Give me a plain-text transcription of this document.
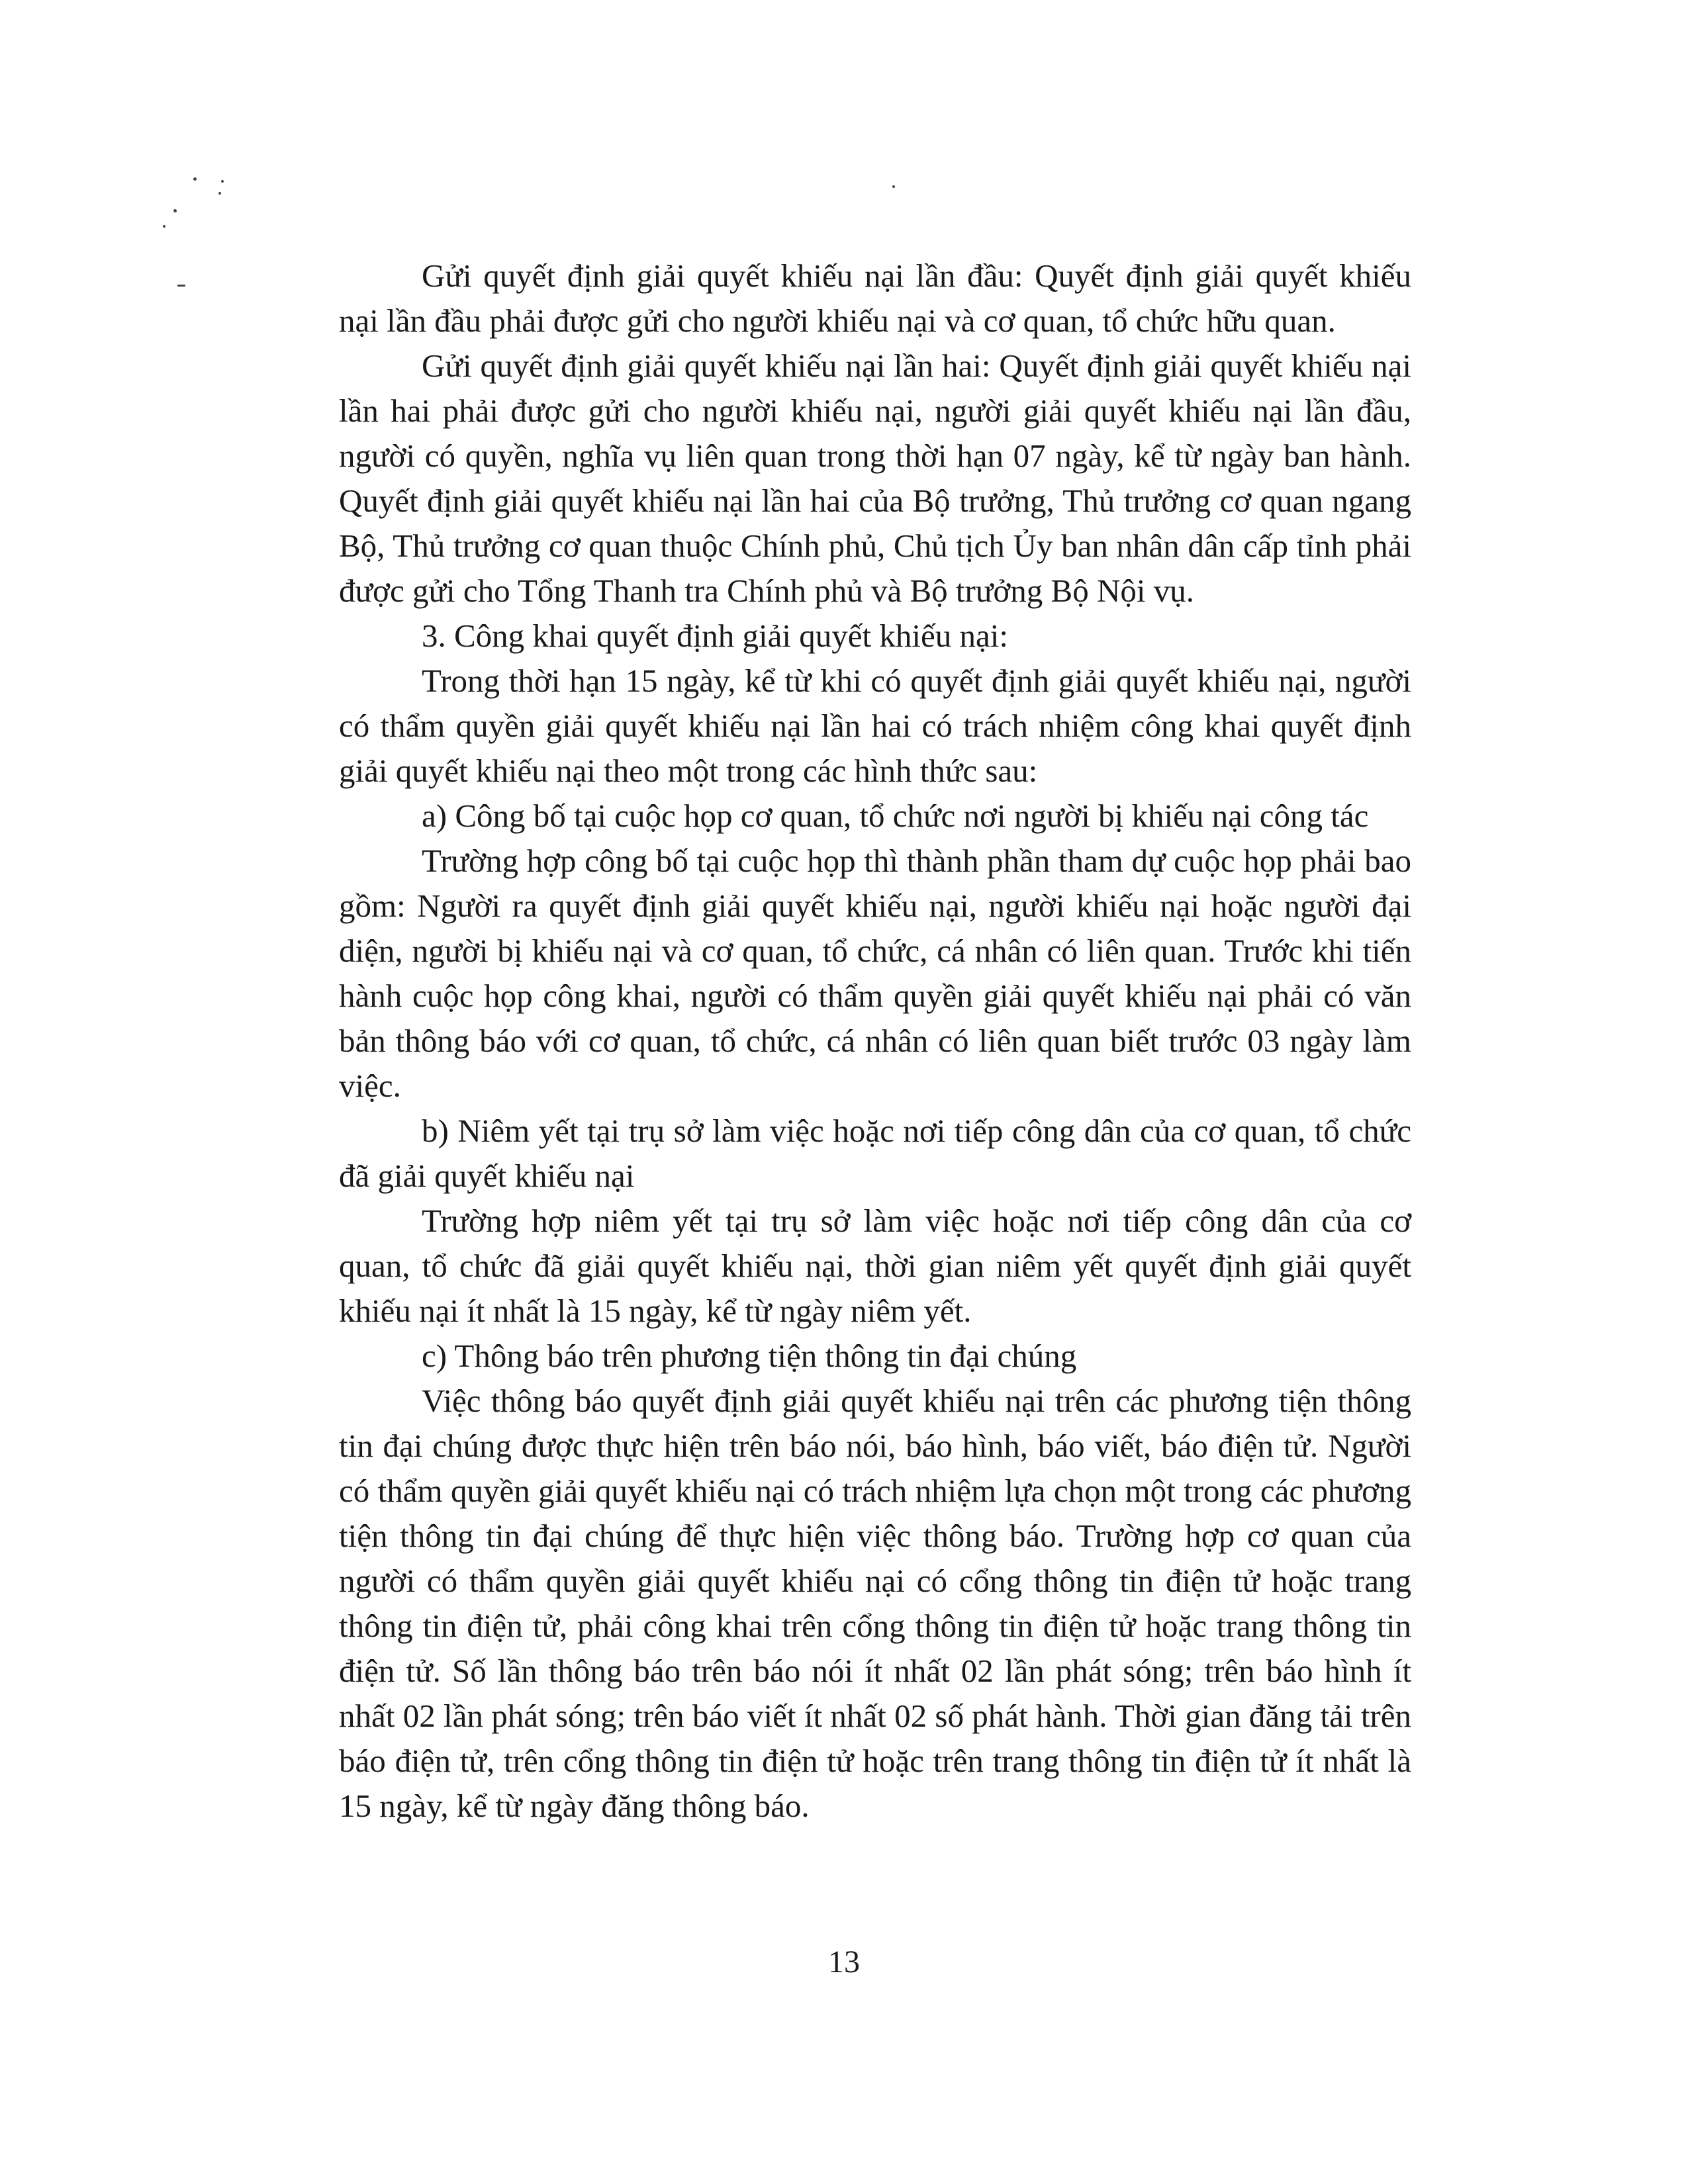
Gửi quyết định giải quyết khiếu nại lần đầu: Quyết định giải quyết khiếu nại lần đầu phải được gửi cho người khiếu nại và cơ quan, tổ chức hữu quan.

Gửi quyết định giải quyết khiếu nại lần hai: Quyết định giải quyết khiếu nại lần hai phải được gửi cho người khiếu nại, người giải quyết khiếu nại lần đầu, người có quyền, nghĩa vụ liên quan trong thời hạn 07 ngày, kể từ ngày ban hành. Quyết định giải quyết khiếu nại lần hai của Bộ trưởng, Thủ trưởng cơ quan ngang Bộ, Thủ trưởng cơ quan thuộc Chính phủ, Chủ tịch Ủy ban nhân dân cấp tỉnh phải được gửi cho Tổng Thanh tra Chính phủ và Bộ trưởng Bộ Nội vụ.

3. Công khai quyết định giải quyết khiếu nại:

Trong thời hạn 15 ngày, kể từ khi có quyết định giải quyết khiếu nại, người có thẩm quyền giải quyết khiếu nại lần hai có trách nhiệm công khai quyết định giải quyết khiếu nại theo một trong các hình thức sau:

a) Công bố tại cuộc họp cơ quan, tổ chức nơi người bị khiếu nại công tác

Trường hợp công bố tại cuộc họp thì thành phần tham dự cuộc họp phải bao gồm: Người ra quyết định giải quyết khiếu nại, người khiếu nại hoặc người đại diện, người bị khiếu nại và cơ quan, tổ chức, cá nhân có liên quan. Trước khi tiến hành cuộc họp công khai, người có thẩm quyền giải quyết khiếu nại phải có văn bản thông báo với cơ quan, tổ chức, cá nhân có liên quan biết trước 03 ngày làm việc.

b) Niêm yết tại trụ sở làm việc hoặc nơi tiếp công dân của cơ quan, tổ chức đã giải quyết khiếu nại

Trường hợp niêm yết tại trụ sở làm việc hoặc nơi tiếp công dân của cơ quan, tổ chức đã giải quyết khiếu nại, thời gian niêm yết quyết định giải quyết khiếu nại ít nhất là 15 ngày, kể từ ngày niêm yết.

c) Thông báo trên phương tiện thông tin đại chúng

Việc thông báo quyết định giải quyết khiếu nại trên các phương tiện thông tin đại chúng được thực hiện trên báo nói, báo hình, báo viết, báo điện tử. Người có thẩm quyền giải quyết khiếu nại có trách nhiệm lựa chọn một trong các phương tiện thông tin đại chúng để thực hiện việc thông báo. Trường hợp cơ quan của người có thẩm quyền giải quyết khiếu nại có cổng thông tin điện tử hoặc trang thông tin điện tử, phải công khai trên cổng thông tin điện tử hoặc trang thông tin điện tử. Số lần thông báo trên báo nói ít nhất 02 lần phát sóng; trên báo hình ít nhất 02 lần phát sóng; trên báo viết ít nhất 02 số phát hành. Thời gian đăng tải trên báo điện tử, trên cổng thông tin điện tử hoặc trên trang thông tin điện tử ít nhất là 15 ngày, kể từ ngày đăng thông báo.

13
